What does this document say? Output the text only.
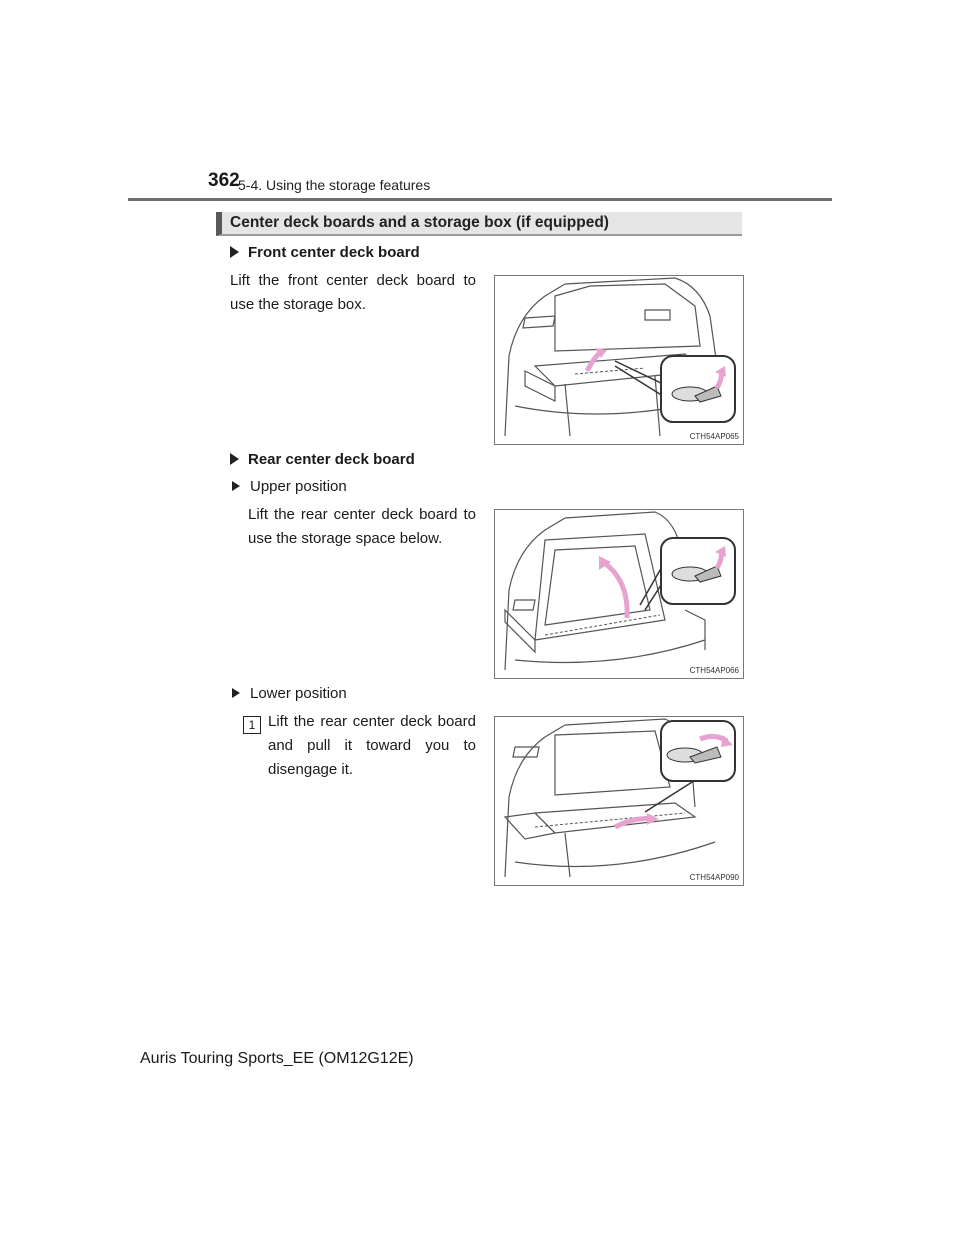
362
5-4. Using the storage features
Center deck boards and a storage box (if equipped)
Front center deck board
Lift the front center deck board to use the storage box.
CTH54AP065
Rear center deck board
Upper position
Lift the rear center deck board to use the storage space below.
CTH54AP066
Lower position
1 Lift the rear center deck board and pull it toward you to disengage it.
CTH54AP090
Auris Touring Sports_EE (OM12G12E)
